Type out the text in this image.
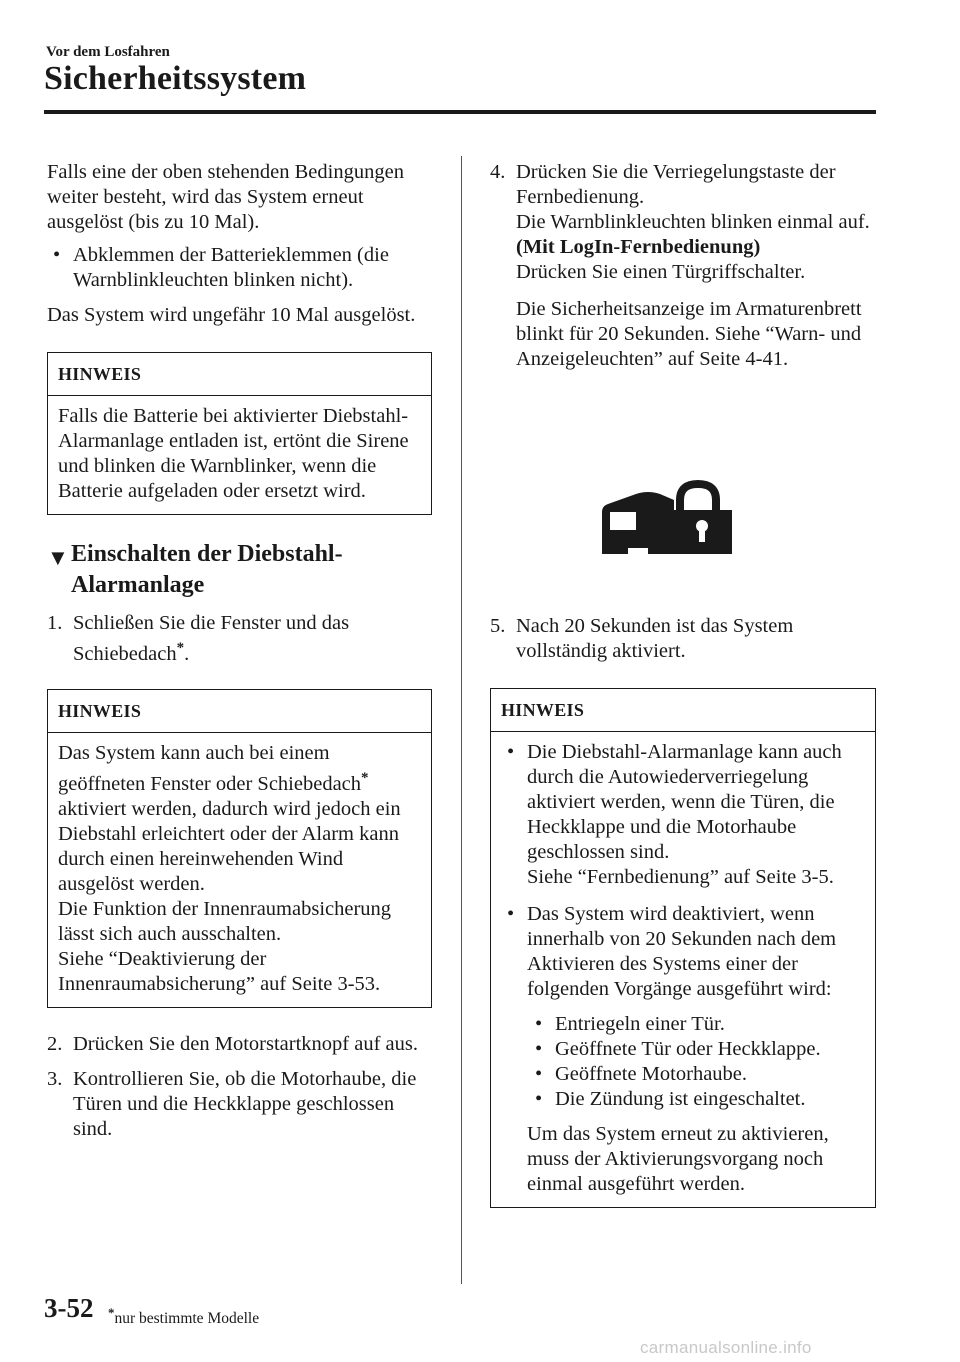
Vor dem Losfahren
Sicherheitssystem

Falls eine der oben stehenden Bedingungen weiter besteht, wird das System erneut ausgelöst (bis zu 10 Mal).

• Abklemmen der Batterieklemmen (die Warnblinkleuchten blinken nicht).

Das System wird ungefähr 10 Mal ausgelöst.

HINWEIS
Falls die Batterie bei aktivierter Diebstahl-Alarmanlage entladen ist, ertönt die Sirene und blinken die Warnblinker, wenn die Batterie aufgeladen oder ersetzt wird.
▼ Einschalten der Diebstahl-Alarmanlage
1. Schließen Sie die Fenster und das Schiebedach*.
HINWEIS
Das System kann auch bei einem geöffneten Fenster oder Schiebedach* aktiviert werden, dadurch wird jedoch ein Diebstahl erleichtert oder der Alarm kann durch einen hereinwehenden Wind ausgelöst werden.
Die Funktion der Innenraumabsicherung lässt sich auch ausschalten.
Siehe “Deaktivierung der Innenraumabsicherung” auf Seite 3-53.
2. Drücken Sie den Motorstartknopf auf aus.
3. Kontrollieren Sie, ob die Motorhaube, die Türen und die Heckklappe geschlossen sind.
4. Drücken Sie die Verriegelungstaste der Fernbedienung.
Die Warnblinkleuchten blinken einmal auf.
(Mit LogIn-Fernbedienung)
Drücken Sie einen Türgriffschalter.
Die Sicherheitsanzeige im Armaturenbrett blinkt für 20 Sekunden. Siehe “Warn- und Anzeigeleuchten” auf Seite 4-41.
5. Nach 20 Sekunden ist das System vollständig aktiviert.
HINWEIS
• Die Diebstahl-Alarmanlage kann auch durch die Autowiederverriegelung aktiviert werden, wenn die Türen, die Heckklappe und die Motorhaube geschlossen sind.
Siehe “Fernbedienung” auf Seite 3-5.
• Das System wird deaktiviert, wenn innerhalb von 20 Sekunden nach dem Aktivieren des Systems einer der folgenden Vorgänge ausgeführt wird:
• Entriegeln einer Tür.
• Geöffnete Tür oder Heckklappe.
• Geöffnete Motorhaube.
• Die Zündung ist eingeschaltet.
Um das System erneut zu aktivieren, muss der Aktivierungsvorgang noch einmal ausgeführt werden.
3-52 *nur bestimmte Modelle
carmanualsonline.info
